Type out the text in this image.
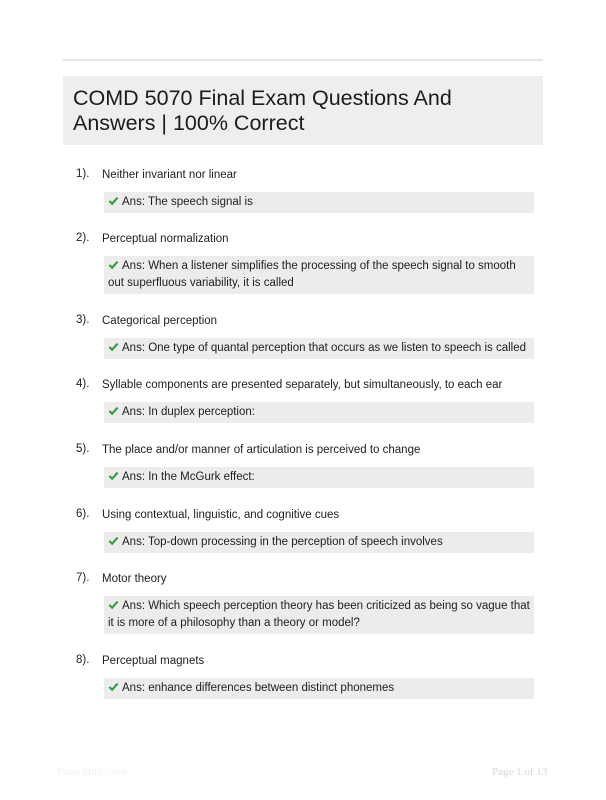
COMD 5070 Final Exam Questions And Answers | 100% Correct
1).	Neither invariant nor linear
Ans: The speech signal is
2).	Perceptual normalization
Ans: When a listener simplifies the processing of the speech signal to smooth out superfluous variability, it is called
3).	Categorical perception
Ans: One type of quantal perception that occurs as we listen to speech is called
4).	Syllable components are presented separately, but simultaneously, to each ear
Ans: In duplex perception:
5).	The place and/or manner of articulation is perceived to change
Ans: In the McGurk effect:
6).	Using contextual, linguistic, and cognitive cues
Ans: Top-down processing in the perception of speech involves
7).	Motor theory
Ans: Which speech perception theory has been criticized as being so vague that it is more of a philosophy than a theory or model?
8).	Perceptual magnets
Ans: enhance differences between distinct phonemes
PaperStitic.com	Page 1 of 13
